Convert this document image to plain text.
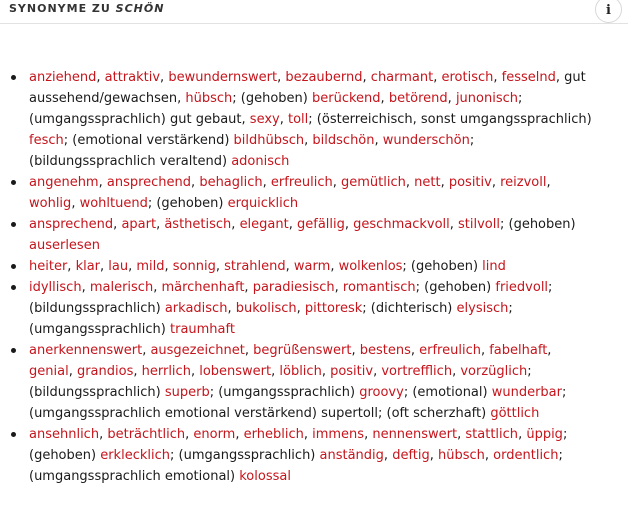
SYNONYME ZU SCHÖN	i
anziehend, attraktiv, bewundernswert, bezaubernd, charmant, erotisch, fesselnd, gut aussehend/gewachsen, hübsch; (gehoben) berückend, betörend, junonisch; (umgangssprachlich) gut gebaut, sexy, toll; (österreichisch, sonst umgangssprachlich) fesch; (emotional verstärkend) bildhübsch, bildschön, wunderschön; (bildungssprachlich veraltend) adonisch
angenehm, ansprechend, behaglich, erfreulich, gemütlich, nett, positiv, reizvoll, wohlig, wohltuend; (gehoben) erquicklich
ansprechend, apart, ästhetisch, elegant, gefällig, geschmackvoll, stilvoll; (gehoben) auserlesen
heiter, klar, lau, mild, sonnig, strahlend, warm, wolkenlos; (gehoben) lind
idyllisch, malerisch, märchenhaft, paradiesisch, romantisch; (gehoben) friedvoll; (bildungssprachlich) arkadisch, bukolisch, pittoresk; (dichterisch) elysisch; (umgangssprachlich) traumhaft
anerkennenswert, ausgezeichnet, begrüßenswert, bestens, erfreulich, fabelhaft, genial, grandios, herrlich, lobenswert, löblich, positiv, vortrefflich, vorzüglich; (bildungssprachlich) superb; (umgangssprachlich) groovy; (emotional) wunderbar; (umgangssprachlich emotional verstärkend) supertoll; (oft scherzhaft) göttlich
ansehnlich, beträchtlich, enorm, erheblich, immens, nennenswert, stattlich, üppig; (gehoben) erklecklich; (umgangssprachlich) anständig, deftig, hübsch, ordentlich; (umgangssprachlich emotional) kolossal
